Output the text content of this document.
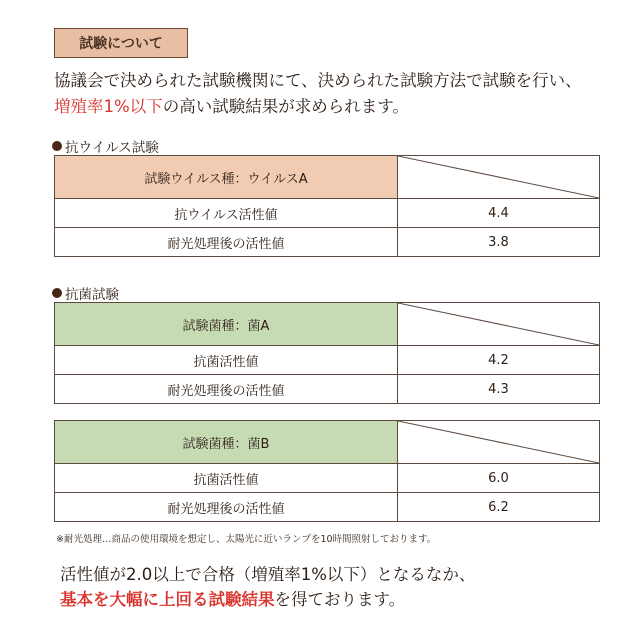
試験について
協議会で決められた試験機関にて、決められた試験方法で試験を行い、
増殖率1%以下の高い試験結果が求められます。
抗ウイルス試験
試験ウイルス種：ウイルスA	

抗ウイルス活性値	4.4
耐光処理後の活性値	3.8
抗菌試験
試験菌種：菌A	

抗菌活性値	4.2
耐光処理後の活性値	4.3
試験菌種：菌B	

抗菌活性値	6.0
耐光処理後の活性値	6.2
※耐光処理…商品の使用環境を想定し、太陽光に近いランプを10時間照射しております。
活性値が2.0以上で合格（増殖率1%以下）となるなか、
基本を大幅に上回る試験結果を得ております。
